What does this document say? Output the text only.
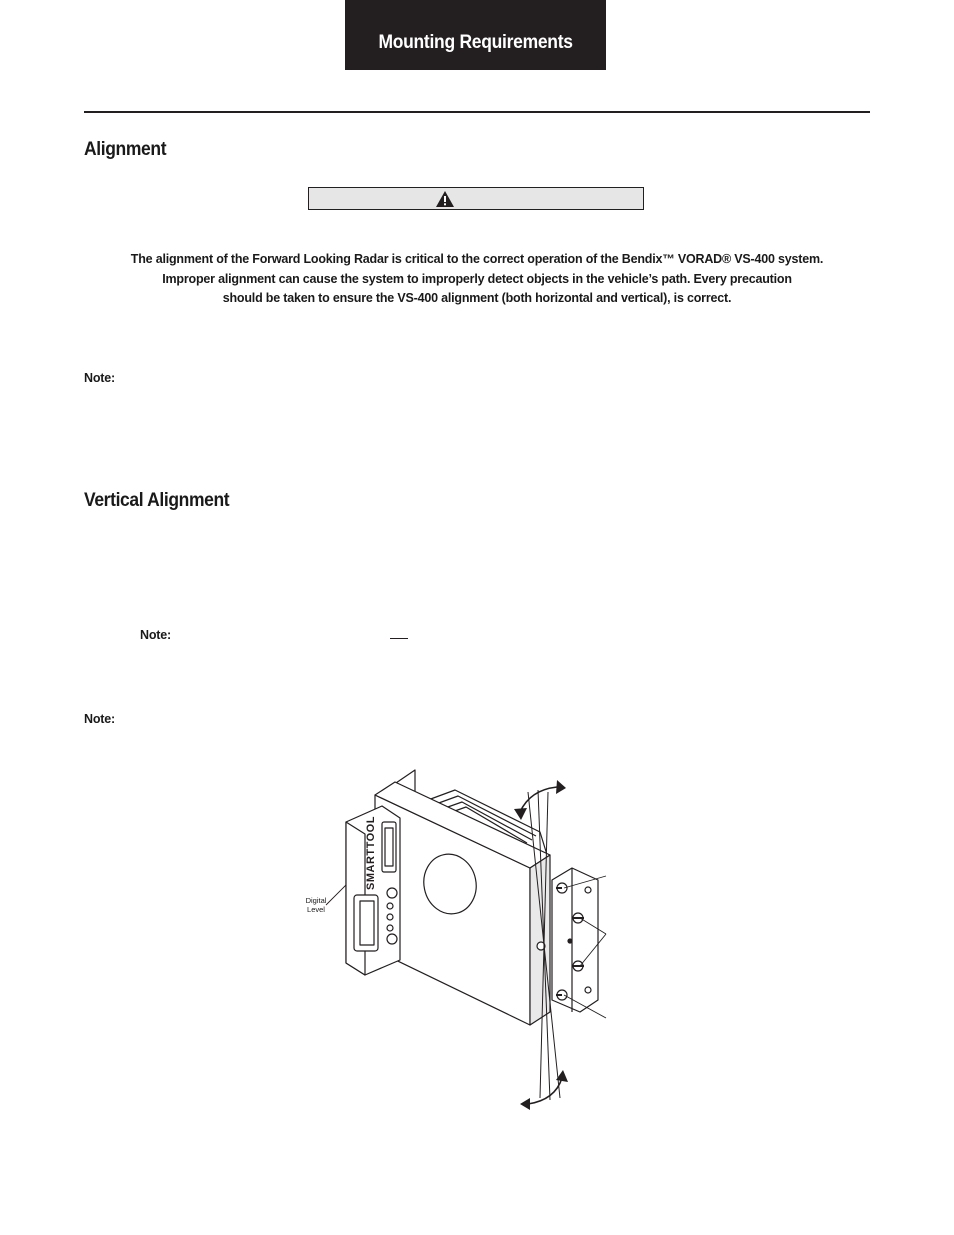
Mounting Requirements
Alignment

The alignment of the Forward Looking Radar is critical to the correct operation of the Bendix™ VORAD® VS-400 system.

Improper alignment can cause the system to improperly detect objects in the vehicle’s path. Every precaution

should be taken to ensure the VS-400 alignment (both horizontal and vertical), is correct.

Note:
Vertical Alignment
Note:
Note:
SMARTTOOL
Digital Level
